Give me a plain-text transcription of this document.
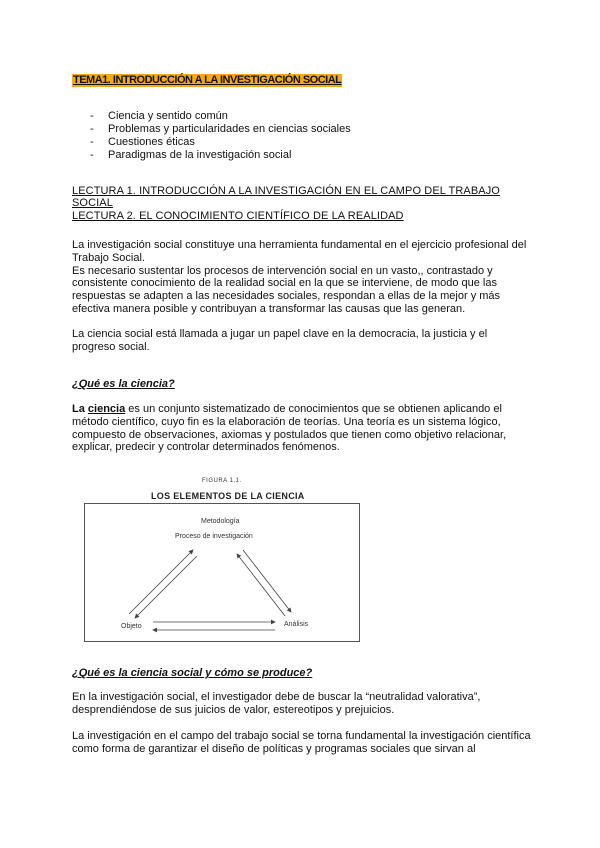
TEMA1. INTRODUCCIÓN A LA INVESTIGACIÓN SOCIAL
- Ciencia y sentido común
- Problemas y particularidades en ciencias sociales
- Cuestiones éticas
- Paradigmas de la investigación social
LECTURA 1. INTRODUCCIÓN A LA INVESTIGACIÓN EN EL CAMPO DEL TRABAJO
SOCIAL
LECTURA 2. EL CONOCIMIENTO CIENTÍFICO DE LA REALIDAD

La investigación social constituye una herramienta fundamental en el ejercicio profesional del Trabajo Social.

Es necesario sustentar los procesos de intervención social en un vasto,, contrastado y consistente conocimiento de la realidad social en la que se interviene, de modo que las respuestas se adapten a las necesidades sociales, respondan a ellas de la mejor y más efectiva manera posible y contribuyan a transformar las causas que las generan.

La ciencia social está llamada a jugar un papel clave en la democracia, la justicia y el progreso social.

¿Qué es la ciencia?

La ciencia es un conjunto sistematizado de conocimientos que se obtienen aplicando el método científico, cuyo fin es la elaboración de teorías. Una teoría es un sistema lógico, compuesto de observaciones, axiomas y postulados que tienen como objetivo relacionar, explicar, predecir y controlar determinados fenómenos.

FIGURA 1.1.
LOS ELEMENTOS DE LA CIENCIA
Metodología
Proceso de investigación
Objeto	Análisis
¿Qué es la ciencia social y cómo se produce?

En la investigación social, el investigador debe de buscar la “neutralidad valorativa”, desprendiéndose de sus juicios de valor, estereotipos y prejuicios.

La investigación en el campo del trabajo social se torna fundamental la investigación científica como forma de garantizar el diseño de políticas y programas sociales que sirvan al
